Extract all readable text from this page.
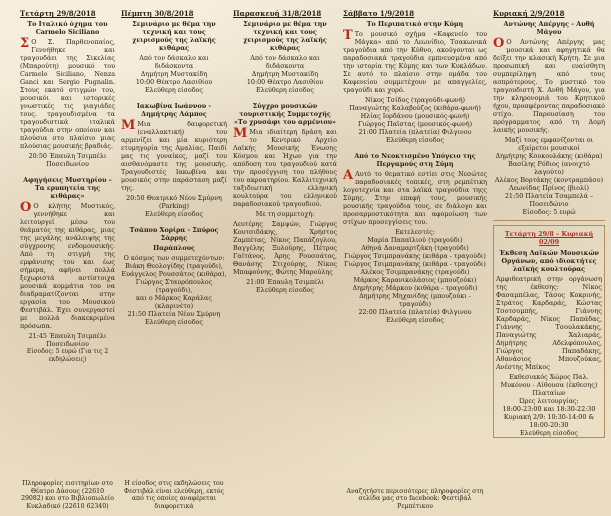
Τετάρτη 29/8/2018
Το Ιταλικό όχημα του Carmelo Siciliano
Σ Ο Σ. Παρθενοπαίος, Γεννήθηκε και τραγουδάει της Σικελίας (Μπαρούτη) μουσικό του Carmelo Siciliano, Nenza Ganci και Sergio Pugnalin. Στους εκατό στιγμών του, μουσικόι και ιστορικές γνωστικές τις γιαγιάδες τους. τραγουδισμένα τα τραγουδιστικά ιταλικά τραγούδια στην οποίουν και πλούσια στο πλαίσιο μιας πλούσιας μουσικής βραδιάς.
20:50 Έπαυλη Τσιμπέλι Ποσειδωνίου
Αφηγήσεις Μυστηρίου – Τα ερυπητεία της κιθάρας»
Ο Ο κλήτης Μυστικός, γεννήθηκε και λειτουργεί μέσω του θεάματός της κιθάρας, μιας της μεγάλης ανάλειψης της σύγχρονης ενδομουσικής. Από τη στιγμή της εμφάνισης του και έως σήμερα, αφήνει πολλά ξεχωριστά αντίστοιχα μουσικά κομμάτια του να διαδραματίζονται στην εργασία του Μουσικού Φεστιβάλ. Έχει συνεργαστεί με πολλά διακεκριμένα πρόσωπα.
21:45 Έπαυλη Τσιμπέλι Ποσειδωνίου
Είσοδος: 5 ευρώ (Για τις 2 εκδηλώσεις)
Πληροφορίες εισιτηρίων στο Θέατρο Δάσους (22610 29082) και στο Βιβλιοπωλείο Κυκλαδικό (22610 62340)
Πέμπτη 30/8/2018
Σεμινάριο με θέμα την τεχνική και τους χειρισμούς της λαϊκής κιθάρας
Από τον δάσκαλο και διδάσκοντα
Δημήτρη Μυστακίδη
10:00 Θέατρο Λασιθίου
Ελεύθερη είσοδος
Ιακωβίνα Ιωάννου - Δημήτρης Λάμπος
Μ Μια δαιφορετική (εναλλακτική) του αρμενίζει και μία κυριότερη ετυμηγορία της Αμαλίας. Παιδί μας τις γυναίκες, μαζί του αισθανόμαστε της μουσικής. Τραγουδιστές Ιακωβίνα και μουσικός στην παράσταση μαζί της.
20:50 Θεατρικό Νέου Σμύρνη
(Parking)
Ελεύθερη είσοδος
Τσάπου Χορίρα - Σπύρος Σάρρης
Παράπλους
Ο κόσμος των συμμετεχόντων:
Βιάκη Θεολογίδης (τραγούδι),
Ευάγγελος Ρουσσάτος (κιθάρα),
Γιώργος Σταυρόπουλος (τραγούδι),
και ο Μάρκος Καράλας (κλαρινέτο)
21:50 Πλατεία Νέου Σμύρνη
Ελεύθερη είσοδος
Η είσοδος στις εκδηλώσεις του Φεστιβάλ είναι ελεύθερη, εκτός από τις οποίες αναφέρεται διαφορετικά
Παρασκευή 31/8/2018
Σεμινάριο με θέμα την τεχνική και τους χειρισμούς της λαϊκής κιθάρας
Από τον δάσκαλο και διδάσκοντα
Δημήτρη Μυστακίδη
10:00 Θέατρο Λασιθίου
Ελεύθερη είσοδος
Σύγχρο μουσικών τουριστικής Συμμετοχής «Το χρυσάφι του αρμένιου»
Μ Μια ιδιαίτερη δράση και το Κεντρικό Αρχείο Λαϊκής Μουσικής Ένωσης Κόσμου και Ήχων για την απόδοση του τραγουδιού κατά την προσέγγιση του πλήθους του ακροατηρίου. Καλλιτεχνική ταξιδιωτική ελληνική κουλτούρα του ελληνικού παραδοσιακού τραγουδιού.
Με τη συμμετοχή:
Λευτέρης Σαμψών, Γιώργος Κουτσιδάκης, Χρήστος Ζαμπέτας, Νίκος Παπάζογλου, Βαγγέλης Ξυλούρης, Πέτρος Γαϊτάνος, Άρης Ρουσσάτος, Θανάσης Στιχούρης, Νίκος Μπαφούνης, Φώτης Μαρούλης
21:00 Έπαυλη Τσιμπέλι
Ελεύθερη είσοδος
Σάββατο 1/9/2018
Το Περιπατικό στην Κύμη
Τ Το μουσικό σχήμα «Καφενείο του Μάγκα» από το Λεωνίδιο, Τσακωνικά τραγούδια από την Κύθνο, ακούγονται ως παραδοσιακά τραγούδια εμπνευσμένα από την ιστορία της Κύμης και των Κυκλάδων. Σε αυτό το πλαίσιο στην ομάδα του Καφενείου συμμετέχουν με απαγγελίες, τραγούδι και χορό.
Νίκος Τσίδος (τραγούδι-φωνή)
Παναγιώτης Καλαβούζος (κιθάρα-φωνή)
Ηλίας Ιορδάνου (μουσικός-φωνή)
Γιώργος Παϊστας (μουσικός-φωνή)
21:00 Πλατεία (πλατεία) Φιλγινου
Ελεύθερη είσοδος
Από το Νεοκτισμένο Υπόγειο της Περγαμούς στη Σύμη
Α Αυτό το θεματικό εστίει στις Νεσώτες παραδοσιακές τοπικές, στη ρεμπέτικη λογοτεχνία και στα λαϊκά τραγούδια τηςς Σύμης. Στην επαφή τους, μουσικής μουσικής τραγούδια τους, σε διάλογο και προσαρμοστικότητα και αφομοίωση των στίχων προσεγγίσεις του.
Εκτελεστές:
Μαρία Παπαϊλιού (τραγούδι)
Αθηνά Δαναμαρτζάκη (τραγούδι)
Γιώργος Τσιμπρανάκης (κιθάρα - τραγούδι)
Γιώργος Τσιμπρανάκης (κιθάρα - τραγούδι)
Αλέκος Τσιμπρανάκης (τραγούδι)
Μάρκος Καρανικολάσιος (μπουζούκι)
Δημήτρης Μάρκου (κιθάρα - τραγούδι)
Δημήτρης Μηχανίδης (μπουζούκι - τραγούδι)
22:00 Πλατεία (πλατεία) Φιλγινου
Ελεύθερη είσοδος
Αναζητήστε περισσότερες πληροφορίες στη σελίδα μας στο facebook: Φεστιβάλ Ρεμπέτικου
Κυριακή 2/9/2018
Αντώνης Απέργης - Αυθή Μάγου
Ο Ο Αντώνης Απέργης μας μουσικά και αφηγητικά θα δείξει την κλασική Κρήτη. Σε μια προσωπική και ευαίσθητη συμπερίληψη από τους ασπρότερους. Το μυστικό του τραγουδιστή Χ. Ανθή Μάγου, για την κληρονομιά του Κρητικού ήχου, προσφέροντας παραδοσιακό στίχο. Παρουσίαση του πρόγραμματος από τη Δομή λαικής μουσικής.
Μαζί τους εμφανίζονται οι εξαίρετοι μουσικοί
Δημήτρης Κουκουλάκης (κιθάρα)
Βασίλης Ρόδιος (ανοιχτό λαγούτο)
Αλέκος Βορτάκης (κοντραμπάσο)
Λεωνίδας Πρίνος (βιολί)
21:50 Πλατεία Τσαμπελά – Ποσειδώνιο
Είσοδος: 5 ευρώ
Τετάρτη 29/8 – Κυριακή 02/09
Έκθεση Λαϊκών Μουσικών Οργάνων, από ιδιοκτήτες λαϊκής κουλτούρας
Αμφιθεατρική στην οργάνωση της έκθεσης: Νίκος Φασαμπέλας, Τάσος Κοκρινής, Στράτος Καρδαράς, Κώστας Τσοτσομπής, Γιάννης Καρδαράς, Νίκος Παπάδας, Γιάννης Τσουλακάκης, Παναγιώτης Χαλιαράς, Δημήτρης Αδελφόπουλος, Γιώργος Παπαδάκης, Αθανάσιος Μπουζούκας, Ανέστης Μπίκος
Εκθεσιακός Χώρος Παλ. Μυκόνου - Αίθουσα (έκθεσης) Πλαταίων
Ώρες λειτουργίας:
18:00-23:00 και 18:30-22:30
Κυριακή 2/9: 10:30-14:00 & 18:00-20:30
Ελεύθερη είσοδος
